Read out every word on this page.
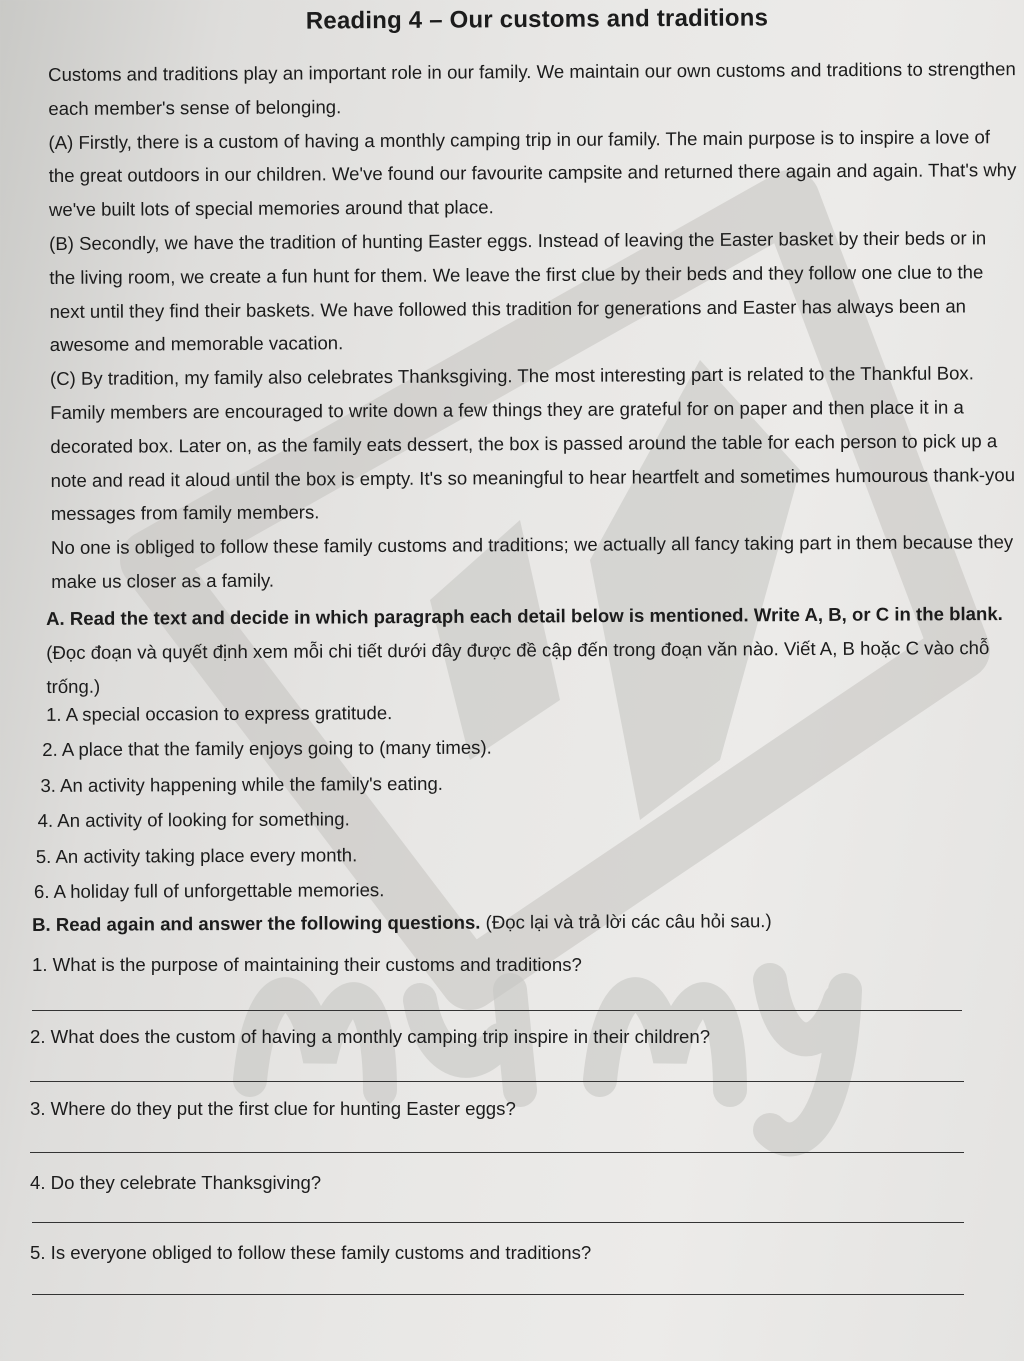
Reading 4 – Our customs and traditions

Customs and traditions play an important role in our family. We maintain our own customs and traditions to strengthen each member's sense of belonging.

(A) Firstly, there is a custom of having a monthly camping trip in our family. The main purpose is to inspire a love of the great outdoors in our children. We've found our favourite campsite and returned there again and again. That's why we've built lots of special memories around that place.

(B) Secondly, we have the tradition of hunting Easter eggs. Instead of leaving the Easter basket by their beds or in the living room, we create a fun hunt for them. We leave the first clue by their beds and they follow one clue to the next until they find their baskets. We have followed this tradition for generations and Easter has always been an awesome and memorable vacation.

(C) By tradition, my family also celebrates Thanksgiving. The most interesting part is related to the Thankful Box. Family members are encouraged to write down a few things they are grateful for on paper and then place it in a decorated box. Later on, as the family eats dessert, the box is passed around the table for each person to pick up a note and read it aloud until the box is empty. It's so meaningful to hear heartfelt and sometimes humourous thank-you messages from family members.

No one is obliged to follow these family customs and traditions; we actually all fancy taking part in them because they make us closer as a family.

A. Read the text and decide in which paragraph each detail below is mentioned. Write A, B, or C in the blank. (Đọc đoạn và quyết định xem mỗi chi tiết dưới đây được đề cập đến trong đoạn văn nào. Viết A, B hoặc C vào chỗ trống.)

1. A special occasion to express gratitude.
2. A place that the family enjoys going to (many times).
3. An activity happening while the family's eating.
4. An activity of looking for something.
5. An activity taking place every month.
6. A holiday full of unforgettable memories.
B. Read again and answer the following questions. (Đọc lại và trả lời các câu hỏi sau.)
1. What is the purpose of maintaining their customs and traditions?
2. What does the custom of having a monthly camping trip inspire in their children?
3. Where do they put the first clue for hunting Easter eggs?
4. Do they celebrate Thanksgiving?
5. Is everyone obliged to follow these family customs and traditions?
